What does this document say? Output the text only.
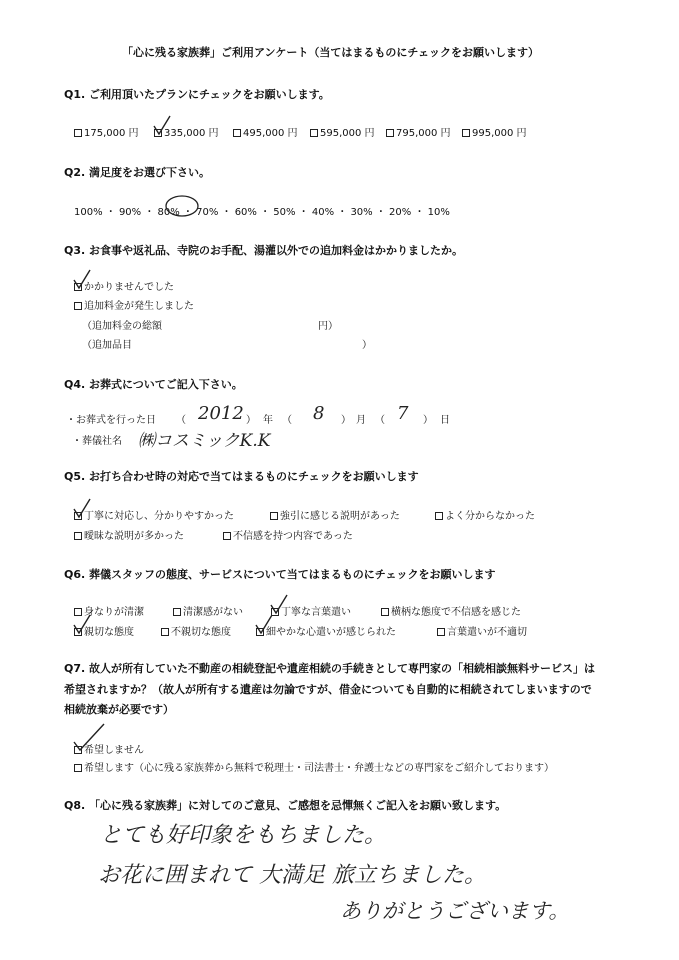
「心に残る家族葬」ご利用アンケート（当てはまるものにチェックをお願いします）
Q1. ご利用頂いたプランにチェックをお願いします。
175,000 円	335,000 円	495,000 円	595,000 円	795,000 円	995,000 円
Q2. 満足度をお選び下さい。
100% ・ 90% ・ 80% ・ 70% ・ 60% ・ 50% ・ 40% ・ 30% ・ 20% ・ 10%
Q3. お食事や返礼品、寺院のお手配、湯灌以外での追加料金はかかりましたか。
かかりませんでした
追加料金が発生しました
（追加料金の総額	円）
（追加品目	）
Q4. お葬式についてご記入下さい。
・お葬式を行った日 （ 2012 ） 年 （ 8 ） 月 （ 7 ） 日
・葬儀社名 ㈱コスミックK.K
Q5. お打ち合わせ時の対応で当てはまるものにチェックをお願いします
丁寧に対応し、分かりやすかった	強引に感じる説明があった	よく分からなかった
曖昧な説明が多かった	不信感を持つ内容であった
Q6. 葬儀スタッフの態度、サービスについて当てはまるものにチェックをお願いします
身なりが清潔	清潔感がない	丁寧な言葉遣い	横柄な態度で不信感を感じた
親切な態度	不親切な態度	細やかな心遣いが感じられた	言葉遣いが不適切
Q7. 故人が所有していた不動産の相続登記や遺産相続の手続きとして専門家の「相続相談無料サービス」は
希望されますか？（故人が所有する遺産は勿論ですが、借金についても自動的に相続されてしまいますので
相続放棄が必要です）
希望しません
希望します（心に残る家族葬から無料で税理士・司法書士・弁護士などの専門家をご紹介しております）
Q8. 「心に残る家族葬」に対してのご意見、ご感想を忌憚無くご記入をお願い致します。
とても好印象をもちました。
お花に囲まれて 大満足 旅立ちました。
ありがとうございます。
